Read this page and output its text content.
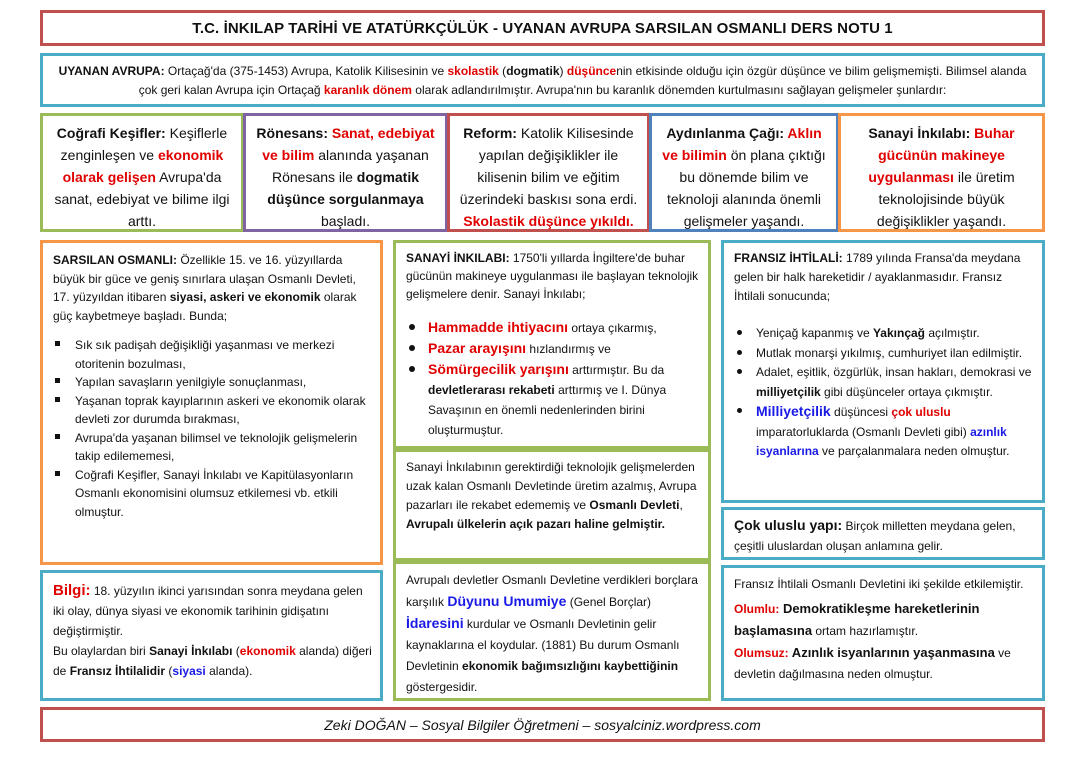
T.C. İNKILAP TARİHİ VE ATATÜRKÇÜLÜK - UYANAN AVRUPA SARSILAN OSMANLI DERS NOTU 1
UYANAN AVRUPA: Ortaçağ'da (375-1453) Avrupa, Katolik Kilisesinin ve skolastik (dogmatik) düşüncenin etkisinde olduğu için özgür düşünce ve bilim gelişmemişti. Bilimsel alanda çok geri kalan Avrupa için Ortaçağ karanlık dönem olarak adlandırılmıştır. Avrupa'nın bu karanlık dönemden kurtulmasını sağlayan gelişmeler şunlardır:
Coğrafi Keşifler: Keşiflerle zenginleşen ve ekonomik olarak gelişen Avrupa'da sanat, edebiyat ve bilime ilgi arttı.
Rönesans: Sanat, edebiyat ve bilim alanında yaşanan Rönesans ile dogmatik düşünce sorgulanmaya başladı.
Reform: Katolik Kilisesinde yapılan değişiklikler ile kilisenin bilim ve eğitim üzerindeki baskısı sona erdi. Skolastik düşünce yıkıldı.
Aydınlanma Çağı: Aklın ve bilimin ön plana çıktığı bu dönemde bilim ve teknoloji alanında önemli gelişmeler yaşandı.
Sanayi İnkılabı: Buhar gücünün makineye uygulanması ile üretim teknolojisinde büyük değişiklikler yaşandı.

SARSILAN OSMANLI: Özellikle 15. ve 16. yüzyıllarda büyük bir güce ve geniş sınırlara ulaşan Osmanlı Devleti, 17. yüzyıldan itibaren siyasi, askeri ve ekonomik olarak güç kaybetmeye başladı. Bunda;

Sık sık padişah değişikliği yaşanması ve merkezi otoritenin bozulması,
Yapılan savaşların yenilgiyle sonuçlanması,
Yaşanan toprak kayıplarının askeri ve ekonomik olarak devleti zor durumda bırakması,
Avrupa'da yaşanan bilimsel ve teknolojik gelişmelerin takip edilememesi,
Coğrafi Keşifler, Sanayi İnkılabı ve Kapitülasyonların Osmanlı ekonomisini olumsuz etkilemesi vb. etkili olmuştur.

Bilgi: 18. yüzyılın ikinci yarısından sonra meydana gelen iki olay, dünya siyasi ve ekonomik tarihinin gidişatını değiştirmiştir.

Bu olaylardan biri Sanayi İnkılabı (ekonomik alanda) diğeri de Fransız İhtilalidir (siyasi alanda).

SANAYİ İNKILABI: 1750'li yıllarda İngiltere'de buhar gücünün makineye uygulanması ile başlayan teknolojik gelişmelere denir. Sanayi İnkılabı;

Hammadde ihtiyacını ortaya çıkarmış,
Pazar arayışını hızlandırmış ve
Sömürgecilik yarışını arttırmıştır. Bu da devletlerarası rekabeti arttırmış ve I. Dünya Savaşının en önemli nedenlerinden birini oluşturmuştur.
Sanayi İnkılabının gerektirdiği teknolojik gelişmelerden uzak kalan Osmanlı Devletinde üretim azalmış, Avrupa pazarları ile rekabet edememiş ve Osmanlı Devleti, Avrupalı ülkelerin açık pazarı haline gelmiştir.
Avrupalı devletler Osmanlı Devletine verdikleri borçlara karşılık Düyunu Umumiye (Genel Borçlar) İdaresini kurdular ve Osmanlı Devletinin gelir kaynaklarına el koydular. (1881) Bu durum Osmanlı Devletinin ekonomik bağımsızlığını kaybettiğinin göstergesidir.

FRANSIZ İHTİLALİ: 1789 yılında Fransa'da meydana gelen bir halk hareketidir / ayaklanmasıdır. Fransız İhtilali sonucunda;

Yeniçağ kapanmış ve Yakınçağ açılmıştır.
Mutlak monarşi yıkılmış, cumhuriyet ilan edilmiştir.
Adalet, eşitlik, özgürlük, insan hakları, demokrasi ve milliyetçilik gibi düşünceler ortaya çıkmıştır.
Milliyetçilik düşüncesi çok uluslu imparatorluklarda (Osmanlı Devleti gibi) azınlık isyanlarına ve parçalanmalara neden olmuştur.
Çok uluslu yapı: Birçok milletten meydana gelen, çeşitli uluslardan oluşan anlamına gelir.

Fransız İhtilali Osmanlı Devletini iki şekilde etkilemiştir.

Olumlu: Demokratikleşme hareketlerinin başlamasına ortam hazırlamıştır.

Olumsuz: Azınlık isyanlarının yaşanmasına ve devletin dağılmasına neden olmuştur.

Zeki DOĞAN – Sosyal Bilgiler Öğretmeni – sosyalciniz.wordpress.com
